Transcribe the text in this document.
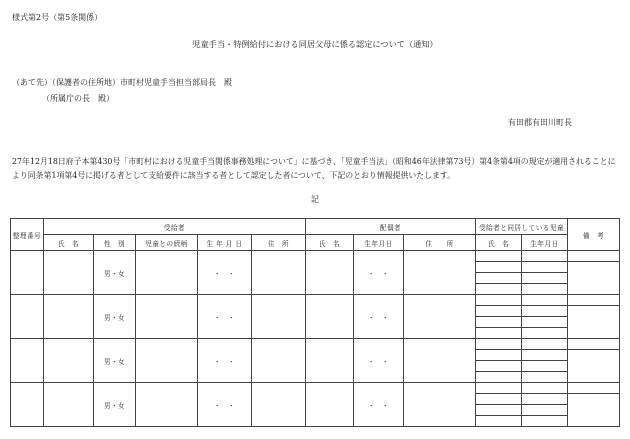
様式第2号（第5条関係）
児童手当・特例給付における同居父母に係る認定について（通知）
（あて先）（保護者の住所地）市町村児童手当担当部局長　殿
（所属庁の長　殿）
有田郡有田川町長
27年12月18日府子本第430号「市町村における児童手当関係事務処理について」に基づき、「児童手当法」（昭和46年法律第73号）第4条第4項の規定が適用されることにより同条第1項第4号に掲げる者として支給要件に該当する者として認定した者について、下記のとおり情報提供いたします。
記
整理番号	受給者					配偶者			受給者と同居している児童		備　考
	氏　名	性　別	児童との続柄	生 年 月 日	住　所	氏　名	生年月日	住　　所	氏　名	生年月日	
		男・女		・　・			・　・				

		男・女		・　・			・　・				

		男・女		・　・			・　・				

		男・女		・　・			・　・				
